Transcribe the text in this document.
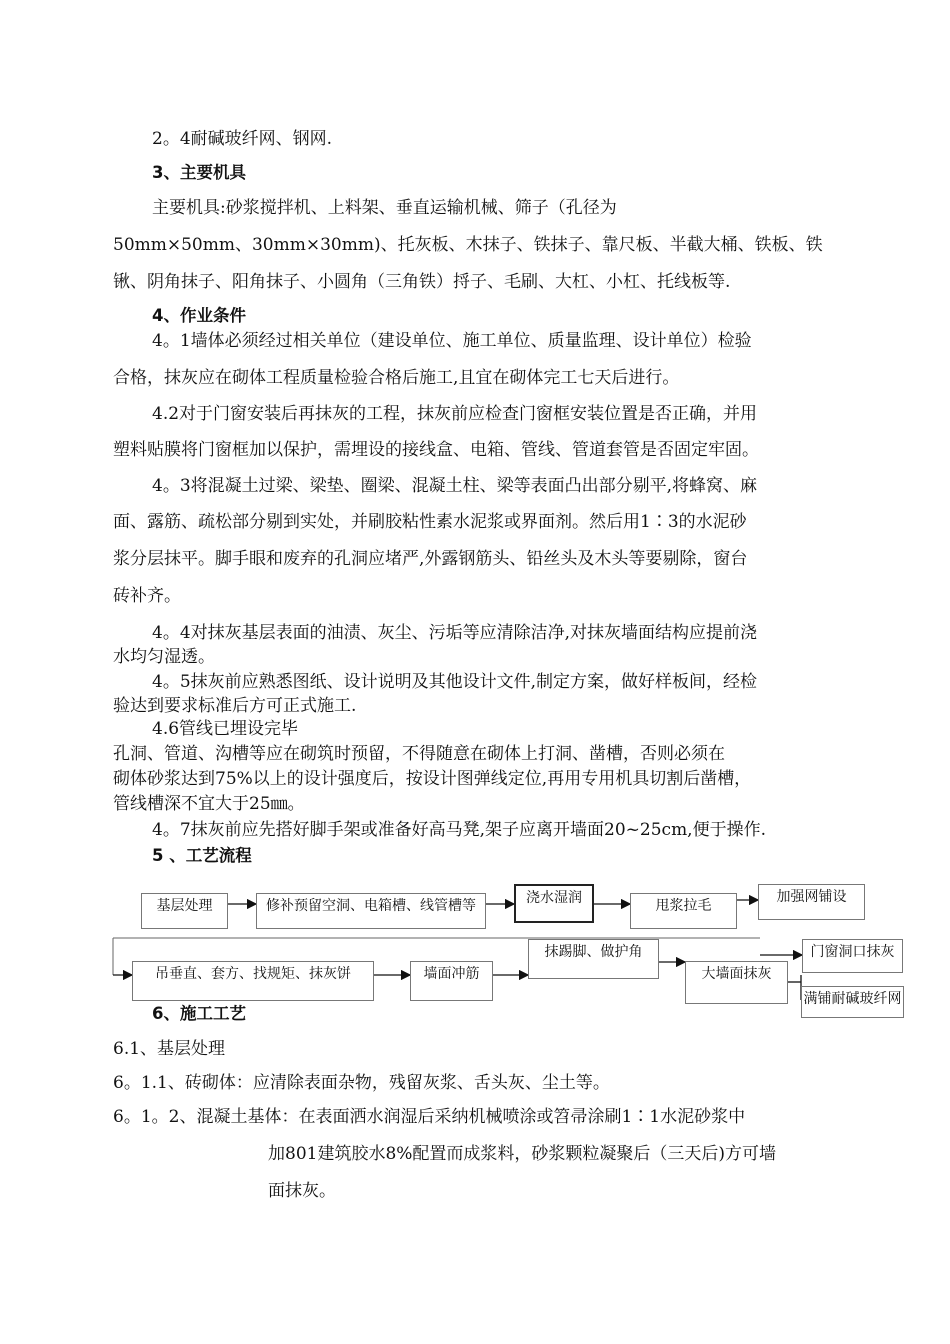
2。4耐碱玻纤网、钢网.
3、主要机具
主要机具:砂浆搅拌机、上料架、垂直运输机械、筛子（孔径为
50mm×50mm、30mm×30mm)、托灰板、木抹子、铁抹子、靠尺板、半截大桶、铁板、铁
锹、阴角抹子、阳角抹子、小圆角（三角铁）捋子、毛刷、大杠、小杠、托线板等.
4、作业条件
4。1墙体必须经过相关单位（建设单位、施工单位、质量监理、设计单位）检验
合格，抹灰应在砌体工程质量检验合格后施工,且宜在砌体完工七天后进行。
4.2对于门窗安装后再抹灰的工程，抹灰前应检查门窗框安装位置是否正确，并用
塑料贴膜将门窗框加以保护，需埋设的接线盒、电箱、管线、管道套管是否固定牢固。
4。3将混凝土过梁、梁垫、圈梁、混凝土柱、梁等表面凸出部分剔平,将蜂窝、麻
面、露筋、疏松部分剔到实处，并刷胶粘性素水泥浆或界面剂。然后用1∶3的水泥砂
浆分层抹平。脚手眼和废弃的孔洞应堵严,外露钢筋头、铅丝头及木头等要剔除，窗台
砖补齐。
4。4对抹灰基层表面的油渍、灰尘、污垢等应清除洁净,对抹灰墙面结构应提前浇
水均匀湿透。
4。5抹灰前应熟悉图纸、设计说明及其他设计文件,制定方案，做好样板间，经检
验达到要求标准后方可正式施工.
4.6管线已埋设完毕
孔洞、管道、沟槽等应在砌筑时预留，不得随意在砌体上打洞、凿槽，否则必须在
砌体砂浆达到75%以上的设计强度后，按设计图弹线定位,再用专用机具切割后凿槽，
管线槽深不宜大于25㎜。
4。7抹灰前应先搭好脚手架或准备好高马凳,架子应离开墙面20~25cm,便于操作.
5 、工艺流程
基层处理	修补预留空洞、电箱槽、线管槽等	浇水湿润	甩浆拉毛
加强网铺设
吊垂直、套方、找规矩、抹灰饼	墙面冲筋
抹踢脚、做护角
大墙面抹灰
门窗洞口抹灰
满铺耐碱玻纤网
6、施工工艺
6.1、基层处理
6。1.1、砖砌体：应清除表面杂物，残留灰浆、舌头灰、尘土等。
6。1。2、混凝土基体：在表面洒水润湿后采纳机械喷涂或笤帚涂刷1∶1水泥砂浆中
加801建筑胶水8%配置而成浆料，砂浆颗粒凝聚后（三天后)方可墙
面抹灰。
